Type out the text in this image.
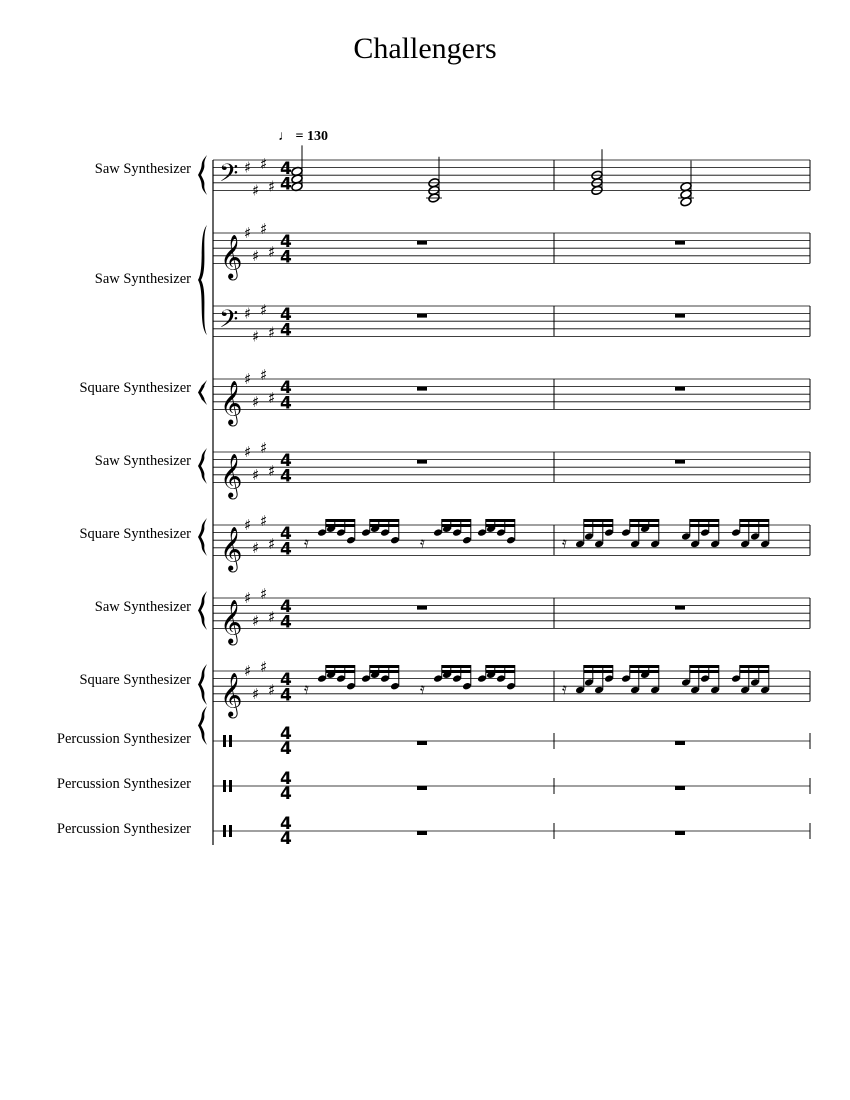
Challengers
♩ = 130
Saw Synthesizer
Saw Synthesizer
Square Synthesizer
Saw Synthesizer
Square Synthesizer
Saw Synthesizer
Square Synthesizer
Percussion Synthesizer
Percussion Synthesizer
Percussion Synthesizer
𝄢 ♯
♯
♯
♯
4
4
𝄞
♯
♯
♯
♯ 4
4
𝄢 ♯
♯
♯
♯
4
4
𝄞
♯
♯
♯
♯ 4
4
𝄞
♯
♯
♯
♯ 4
4
𝄞
♯
♯
♯
♯ 4
4
𝄞
♯
♯
♯
♯ 4
4
𝄞
♯
♯
♯
♯ 4
4
𝄿	𝄿	𝄿
𝄿	𝄿	𝄿
4
4
4
4
4
4
